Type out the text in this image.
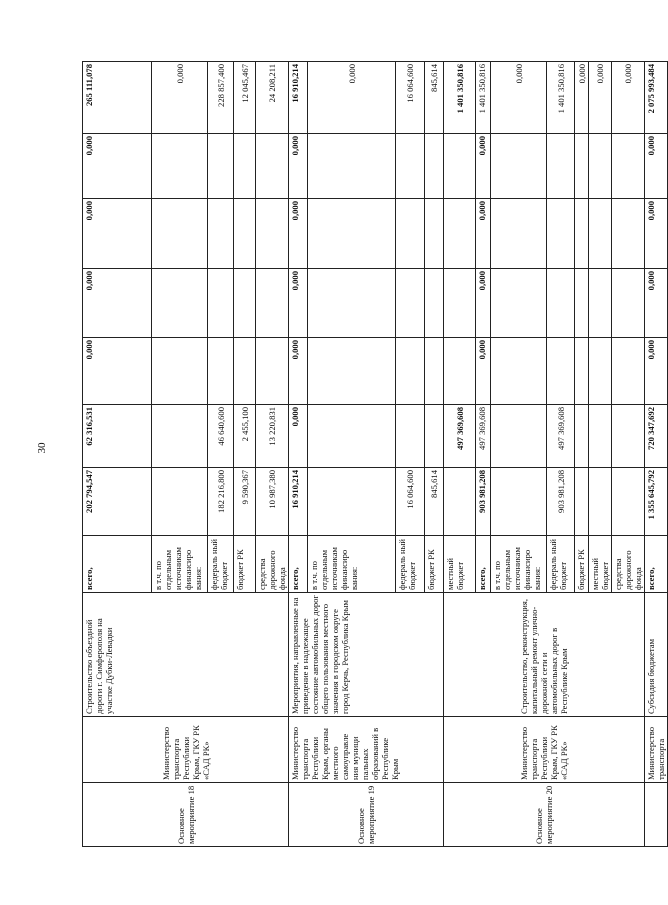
30
Основное мероприятие 18	Министерство транспорта Республики Крым, ГКУ РК «САД РК»	Строительство объездной дороги г. Симферополя на участке Дубки-Левадки	всего,	202 794,547	62 316,531	0,000	0,000	0,000	0,000	265 111,078
			в т.ч. по отдельным источникам финансиро вания:							0,000
			федераль ный бюджет	182 216,800	46 640,600					228 857,400
			бюджет РК	9 590,367	2 455,100					12 045,467
			средства дорожного фонда	10 987,380	13 220,831					24 208,211
Основное мероприятие 19	Министерство транспорта Республики Крым, органы местного самоуправле ния муници пальных образований в Республике Крым	Мероприятия, направленные на приведение в надлежащее состояние автомобильных дорог общего пользования местного значения в городском округе город Керчь, Республика Крым	всего,	16 910,214	0,000	0,000	0,000	0,000	0,000	16 910,214
			в т.ч. по отдельным источникам финансиро вания:							0,000
			федераль ный бюджет	16 064,600						16 064,600
			бюджет РК	845,614						845,614
Основное мероприятие 20	Министерство транспорта Республики Крым, ГКУ РК «САД РК»	Строительство, реконструкция, капитальный ремонт улично-дорожной сети и автомобильных дорог в Республике Крым	местный бюджет		497 369,608					1 401 350,816
			всего,	903 981,208	497 369,608	0,000	0,000	0,000	0,000	1 401 350,816
			в т.ч. по отдельным источникам финансиро вания:							0,000
			федераль ный бюджет	903 981,208	497 369,608					1 401 350,816
			бюджет РК							0,000
			местный бюджет							0,000
			средства дорожного фонда							0,000
	Министерство транспорта	Субсидия бюджетам	всего,	1 355 645,792	720 347,692	0,000	0,000	0,000	0,000	2 075 993,484
